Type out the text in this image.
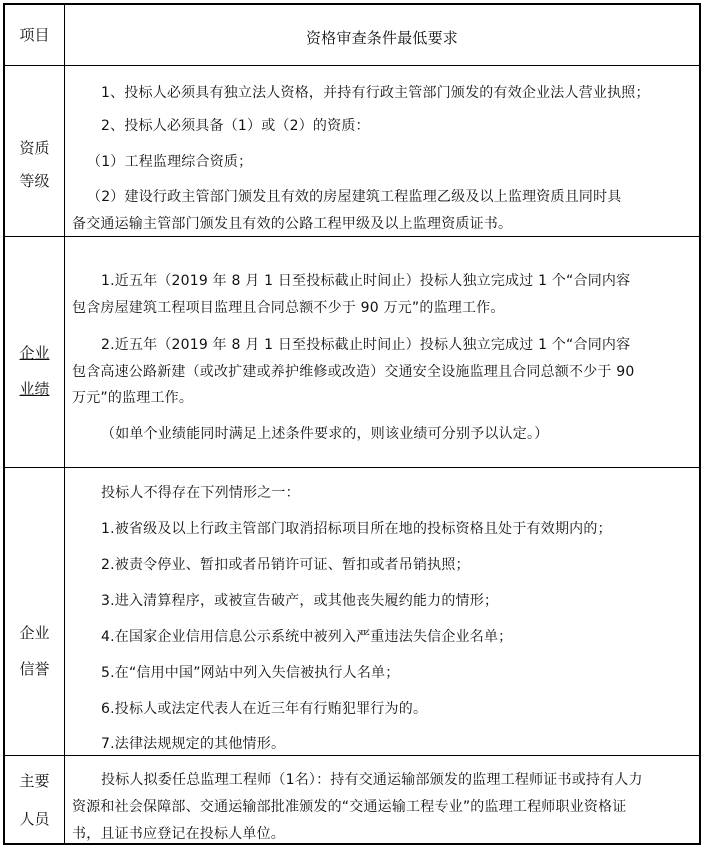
项目	资格审查条件最低要求
资质
等级
1、投标人必须具有独立法人资格，并持有行政主管部门颁发的有效企业法人营业执照；
2、投标人必须具备（1）或（2）的资质：
（1）工程监理综合资质；
（2）建设行政主管部门颁发且有效的房屋建筑工程监理乙级及以上监理资质且同时具
备交通运输主管部门颁发且有效的公路工程甲级及以上监理资质证书。
企业
业绩
1.近五年（2019 年 8 月 1 日至投标截止时间止）投标人独立完成过 1 个“合同内容
包含房屋建筑工程项目监理且合同总额不少于 90 万元”的监理工作。
2.近五年（2019 年 8 月 1 日至投标截止时间止）投标人独立完成过 1 个“合同内容
包含高速公路新建（或改扩建或养护维修或改造）交通安全设施监理且合同总额不少于 90
万元”的监理工作。
（如单个业绩能同时满足上述条件要求的，则该业绩可分别予以认定。）
企业
信誉
投标人不得存在下列情形之一：
1.被省级及以上行政主管部门取消招标项目所在地的投标资格且处于有效期内的；
2.被责令停业、暂扣或者吊销许可证、暂扣或者吊销执照；
3.进入清算程序，或被宣告破产，或其他丧失履约能力的情形；
4.在国家企业信用信息公示系统中被列入严重违法失信企业名单；
5.在“信用中国”网站中列入失信被执行人名单；
6.投标人或法定代表人在近三年有行贿犯罪行为的。
7.法律法规规定的其他情形。
主要
人员
投标人拟委任总监理工程师（1名）：持有交通运输部颁发的监理工程师证书或持有人力
资源和社会保障部、交通运输部批准颁发的“交通运输工程专业”的监理工程师职业资格证
书，且证书应登记在投标人单位。
